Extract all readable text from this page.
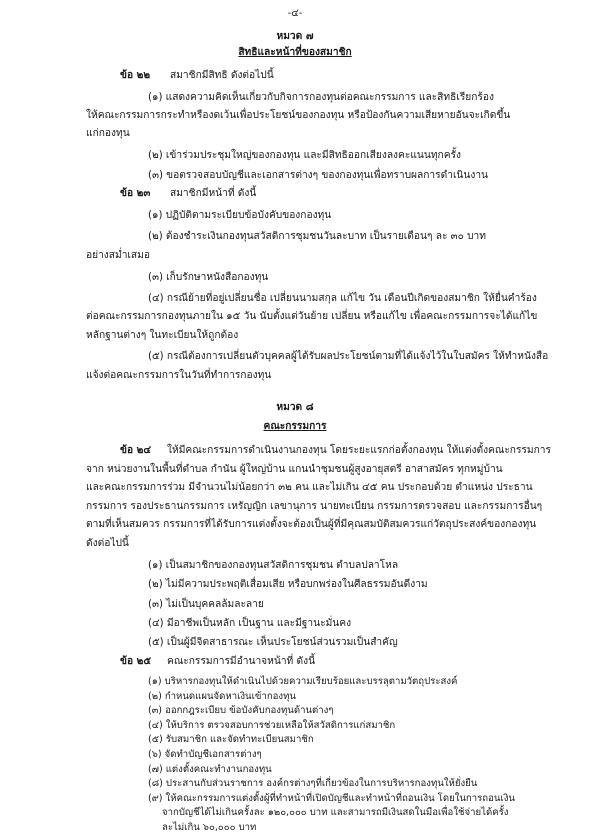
-๔-
หมวด ๗
สิทธิและหน้าที่ของสมาชิก
ข้อ ๒๒ สมาชิกมีสิทธิ ดังต่อไปนี้
(๑) แสดงความคิดเห็นเกี่ยวกับกิจการกองทุนต่อคณะกรรมการ และสิทธิเรียกร้อง
ให้คณะกรรมการกระทำหรืองดเว้นเพื่อประโยชน์ของกองทุน หรือป้องกันความเสียหายอันจะเกิดขึ้น
แก่กองทุน
(๒) เข้าร่วมประชุมใหญ่ของกองทุน และมีสิทธิออกเสียงลงคะแนนทุกครั้ง
(๓) ขอตรวจสอบบัญชีและเอกสารต่างๆ ของกองทุนเพื่อทราบผลการดำเนินงาน
ข้อ ๒๓ สมาชิกมีหน้าที่ ดังนี้
(๑) ปฏิบัติตามระเบียบข้อบังคับของกองทุน
(๒) ต้องชำระเงินกองทุนสวัสดิการชุมชนวันละบาท เป็นรายเดือนๆ ละ ๓๐ บาท
อย่างสม่ำเสมอ
(๓) เก็บรักษาหนังสือกองทุน
(๔) กรณีย้ายที่อยู่เปลี่ยนชื่อ เปลี่ยนนามสกุล แก้ไข วัน เดือนปีเกิดของสมาชิก ให้ยื่นคำร้อง
ต่อคณะกรรมการกองทุนภายใน ๑๕ วัน นับตั้งแต่วันย้าย เปลี่ยน หรือแก้ไข เพื่อคณะกรรมการจะได้แก้ไข
หลักฐานต่างๆ ในทะเบียนให้ถูกต้อง
(๕) กรณีต้องการเปลี่ยนตัวบุคคลผู้ได้รับผลประโยชน์ตามที่ได้แจ้งไว้ในใบสมัคร ให้ทำหนังสือ
แจ้งต่อคณะกรรมการในวันที่ทำการกองทุน
หมวด ๘
คณะกรรมการ
ข้อ ๒๔ ให้มีคณะกรรมการดำเนินงานกองทุน โดยระยะแรกก่อตั้งกองทุน ให้แต่งตั้งคณะกรรมการ
จาก หน่วยงานในพื้นที่ตำบล กำนัน ผู้ใหญ่บ้าน แกนนำชุมชนผู้สูงอายุสตรี อาสาสมัคร ทุกหมู่บ้าน
และคณะกรรมการร่วม มีจำนวนไม่น้อยกว่า ๓๒ คน และไม่เกิน ๔๕ คน ประกอบด้วย ตำแหน่ง ประธาน
กรรมการ รองประธานกรรมการ เหรัญญิก เลขานุการ นายทะเบียน กรรมการตรวจสอบ และกรรมการอื่นๆ
ตามที่เห็นสมควร กรรมการที่ได้รับการแต่งตั้งจะต้องเป็นผู้ที่มีคุณสมบัติสมควรแก่วัตถุประสงค์ของกองทุน
ดังต่อไปนี้
(๑) เป็นสมาชิกของกองทุนสวัสดิการชุมชน ตำบลปลาโหล
(๒) ไม่มีความประพฤติเสื่อมเสีย หรือบกพร่องในศีลธรรมอันดีงาม
(๓) ไม่เป็นบุคคลล้มละลาย
(๔) มีอาชีพเป็นหลัก เป็นฐาน และมีฐานะมั่นคง
(๕) เป็นผู้มีจิตสาธารณะ เห็นประโยชน์ส่วนรวมเป็นสำคัญ
ข้อ ๒๕ คณะกรรมการมีอำนาจหน้าที่ ดังนี้
(๑) บริหารกองทุนให้ดำเนินไปด้วยความเรียบร้อยและบรรลุตามวัตถุประสงค์
(๒) กำหนดแผนจัดหาเงินเข้ากองทุน
(๓) ออกกฎระเบียบ ข้อบังคับกองทุนด้านต่างๆ
(๔) ให้บริการ ตรวจสอบการช่วยเหลือให้สวัสดิการแก่สมาชิก
(๕) รับสมาชิก และจัดทำทะเบียนสมาชิก
(๖) จัดทำบัญชีเอกสารต่างๆ
(๗) แต่งตั้งคณะทำงานกองทุน
(๘) ประสานกับส่วนราชการ องค์กรต่างๆที่เกี่ยวข้องในการบริหารกองทุนให้ยั่งยืน
(๙) ให้คณะกรรมการแต่งตั้งผู้ที่ทำหน้าที่เปิดบัญชีและทำหน้าที่ถอนเงิน โดยในการถอนเงิน
จากบัญชีได้ไม่เกินครั้งละ ๑๒๐,๐๐๐ บาท และสามารถมีเงินสดในมือเพื่อใช้จ่ายได้ครั้ง
ละไม่เกิน ๖๐,๐๐๐ บาท
